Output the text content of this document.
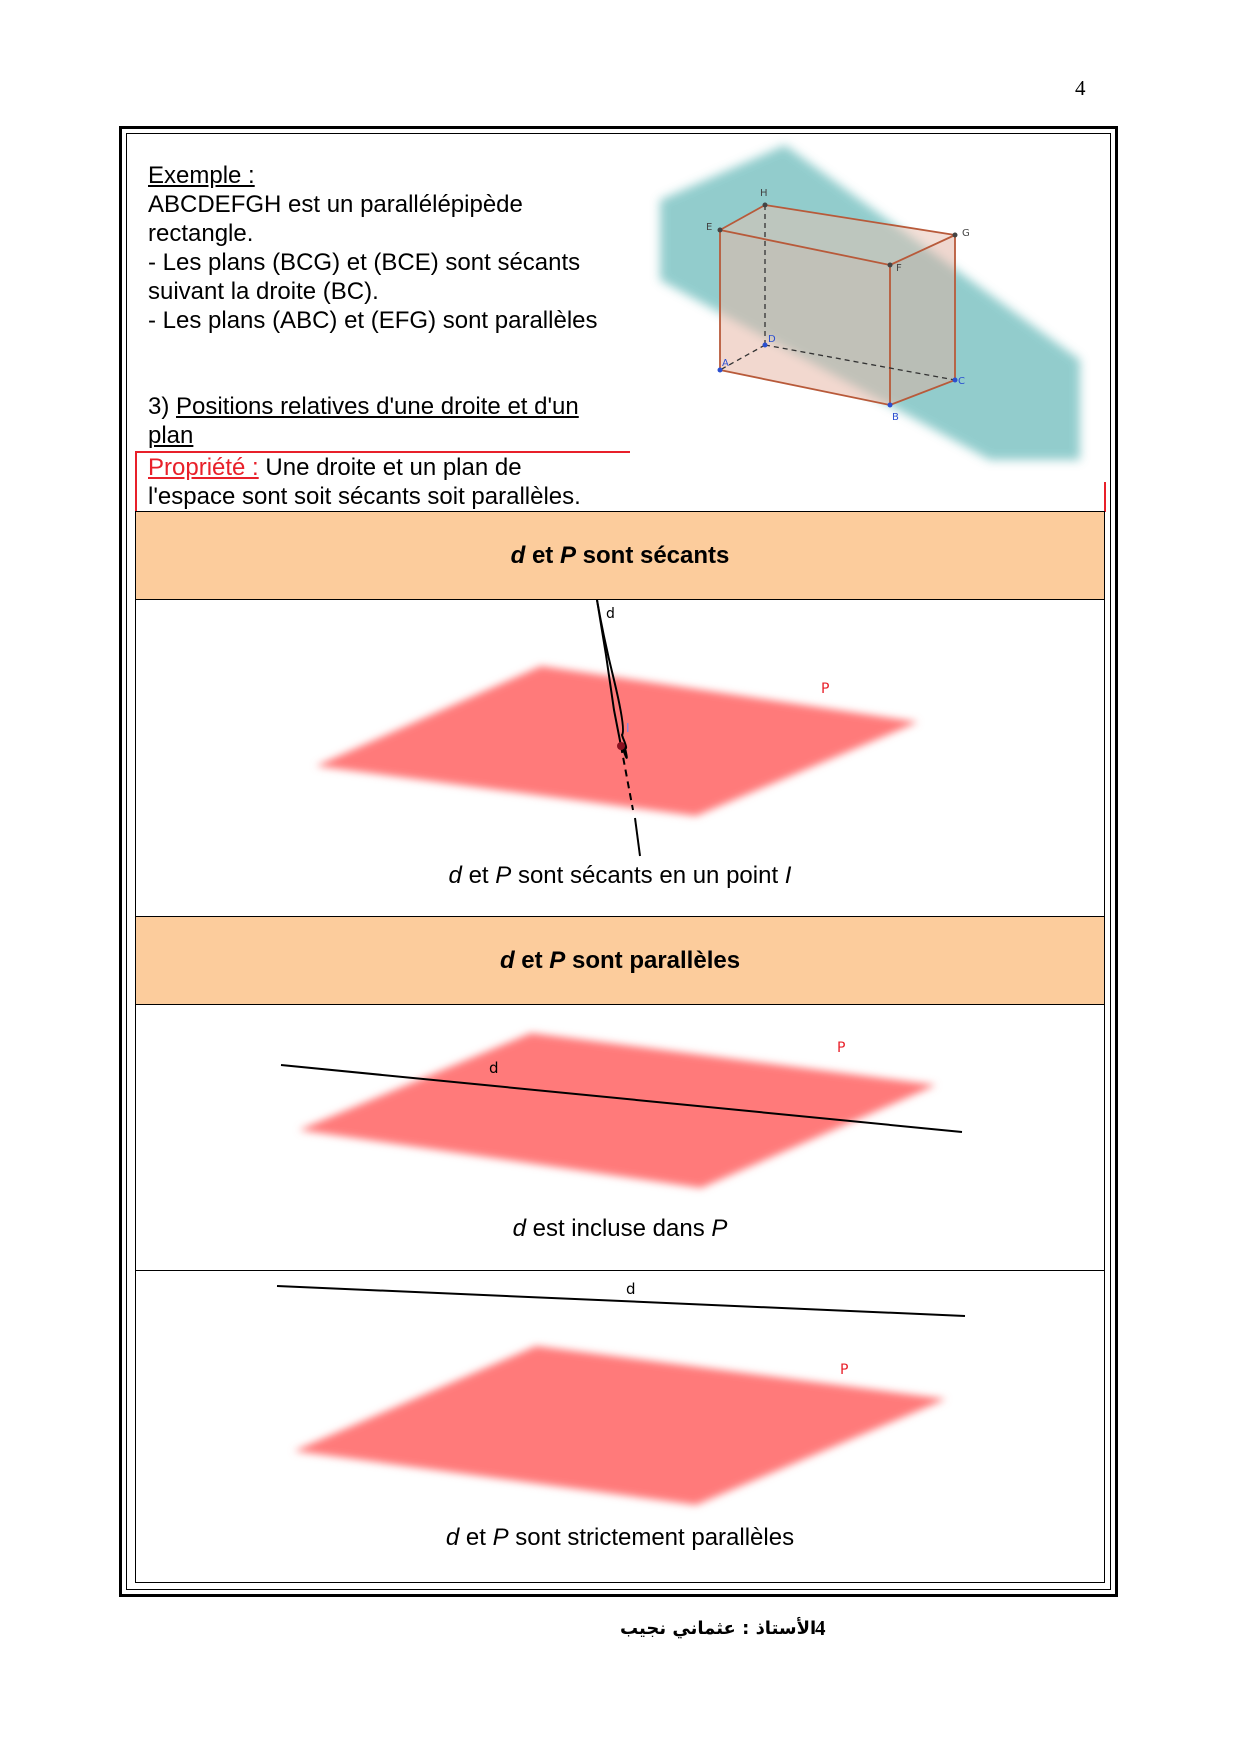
4
Exemple :
ABCDEFGH est un parallélépipède
rectangle.
- Les plans (BCG) et (BCE) sont sécants
suivant la droite (BC).
- Les plans (ABC) et (EFG) sont parallèles
E
H
G
F
D
A
B
C
3) Positions relatives d'une droite et d'un
plan
Propriété : Une droite et un plan de
l'espace sont soit sécants soit parallèles.
d
et
P
sont sécants
I
d
P
d et P sont sécants en un point I
d
et
P
sont parallèles
d
P
d est incluse dans P
d
P
d et P sont strictement parallèles
الأستاذ : عثماني نجيب
4
